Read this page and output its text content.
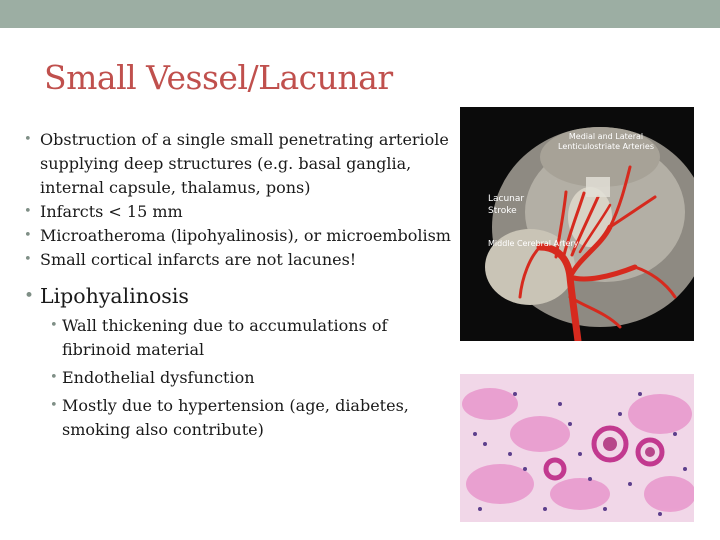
Small Vessel/Lacunar
• Obstruction of a single small penetrating arteriole supplying deep structures (e.g. basal ganglia, internal capsule, thalamus, pons)
• Infarcts < 15 mm
• Microatheroma (lipohyalinosis), or microembolism
• Small cortical infarcts are not lacunes!
• Lipohyalinosis
• Wall thickening due to accumulations of fibrinoid material
• Endothelial dysfunction
• Mostly due to hypertension (age, diabetes, smoking also contribute)
Medial and Lateral
Lenticulostriate Arteries
Lacunar
Stroke
Middle Cerebral Artery
